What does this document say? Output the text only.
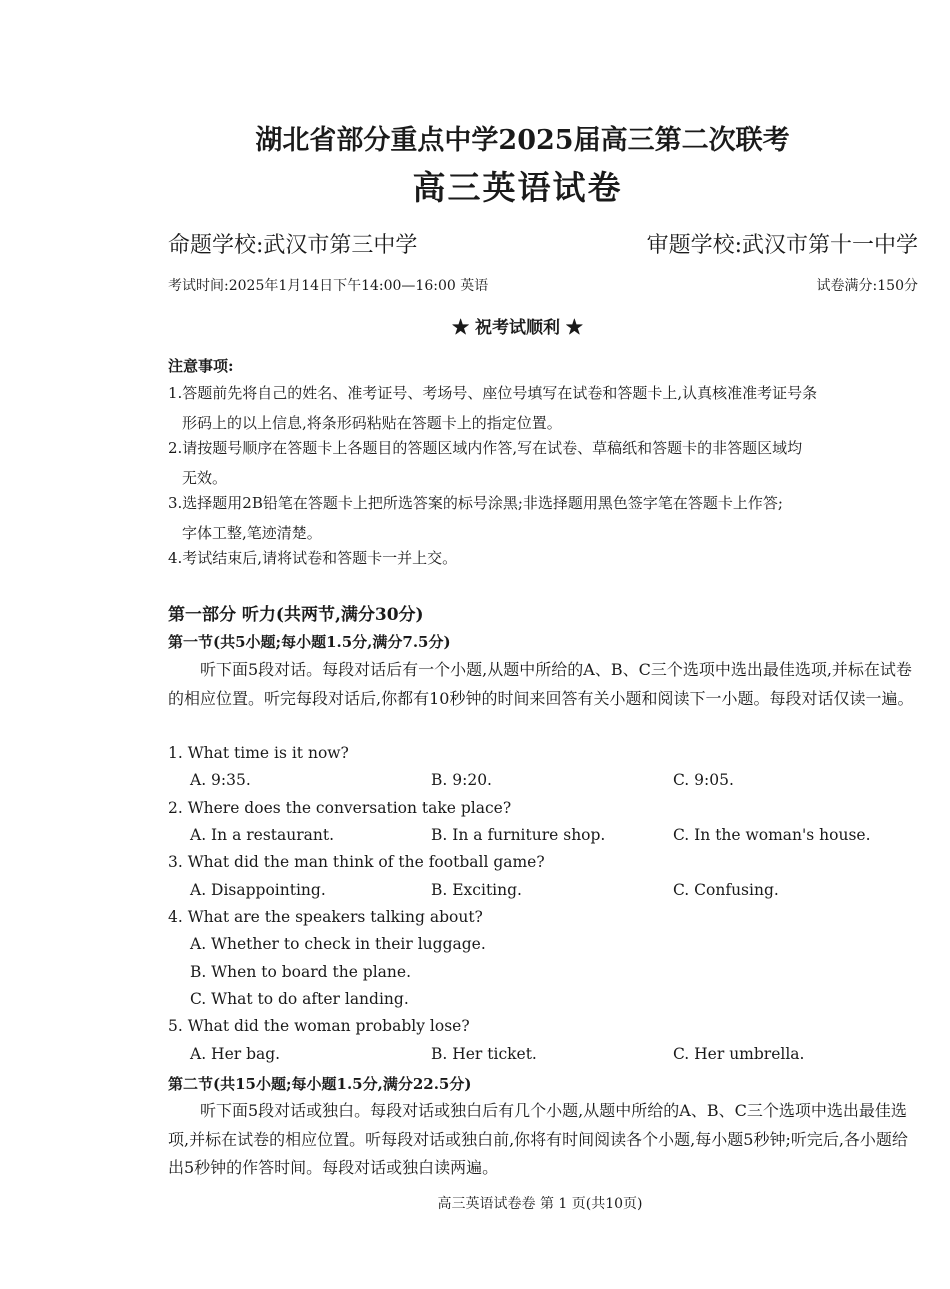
湖北省部分重点中学2025届高三第二次联考
高三英语试卷
命题学校:武汉市第三中学	审题学校:武汉市第十一中学
考试时间:2025年1月14日下午14:00—16:00 英语	试卷满分:150分
★ 祝考试顺利 ★
注意事项:
1.答题前先将自己的姓名、准考证号、考场号、座位号填写在试卷和答题卡上,认真核准准考证号条
形码上的以上信息,将条形码粘贴在答题卡上的指定位置。
2.请按题号顺序在答题卡上各题目的答题区域内作答,写在试卷、草稿纸和答题卡的非答题区域均
无效。
3.选择题用2B铅笔在答题卡上把所选答案的标号涂黑;非选择题用黑色签字笔在答题卡上作答;
字体工整,笔迹清楚。
4.考试结束后,请将试卷和答题卡一并上交。
第一部分 听力(共两节,满分30分)
第一节(共5小题;每小题1.5分,满分7.5分)
听下面5段对话。每段对话后有一个小题,从题中所给的A、B、C三个选项中选出最佳选项,并标在试卷的相应位置。听完每段对话后,你都有10秒钟的时间来回答有关小题和阅读下一小题。每段对话仅读一遍。
1. What time is it now?
A. 9:35.	B. 9:20.	C. 9:05.
2. Where does the conversation take place?
A. In a restaurant.	B. In a furniture shop.	C. In the woman's house.
3. What did the man think of the football game?
A. Disappointing.	B. Exciting.	C. Confusing.
4. What are the speakers talking about?
A. Whether to check in their luggage.
B. When to board the plane.
C. What to do after landing.
5. What did the woman probably lose?
A. Her bag.	B. Her ticket.	C. Her umbrella.
第二节(共15小题;每小题1.5分,满分22.5分)
听下面5段对话或独白。每段对话或独白后有几个小题,从题中所给的A、B、C三个选项中选出最佳选项,并标在试卷的相应位置。听每段对话或独白前,你将有时间阅读各个小题,每小题5秒钟;听完后,各小题给出5秒钟的作答时间。每段对话或独白读两遍。
高三英语试卷卷 第 1 页(共10页)
